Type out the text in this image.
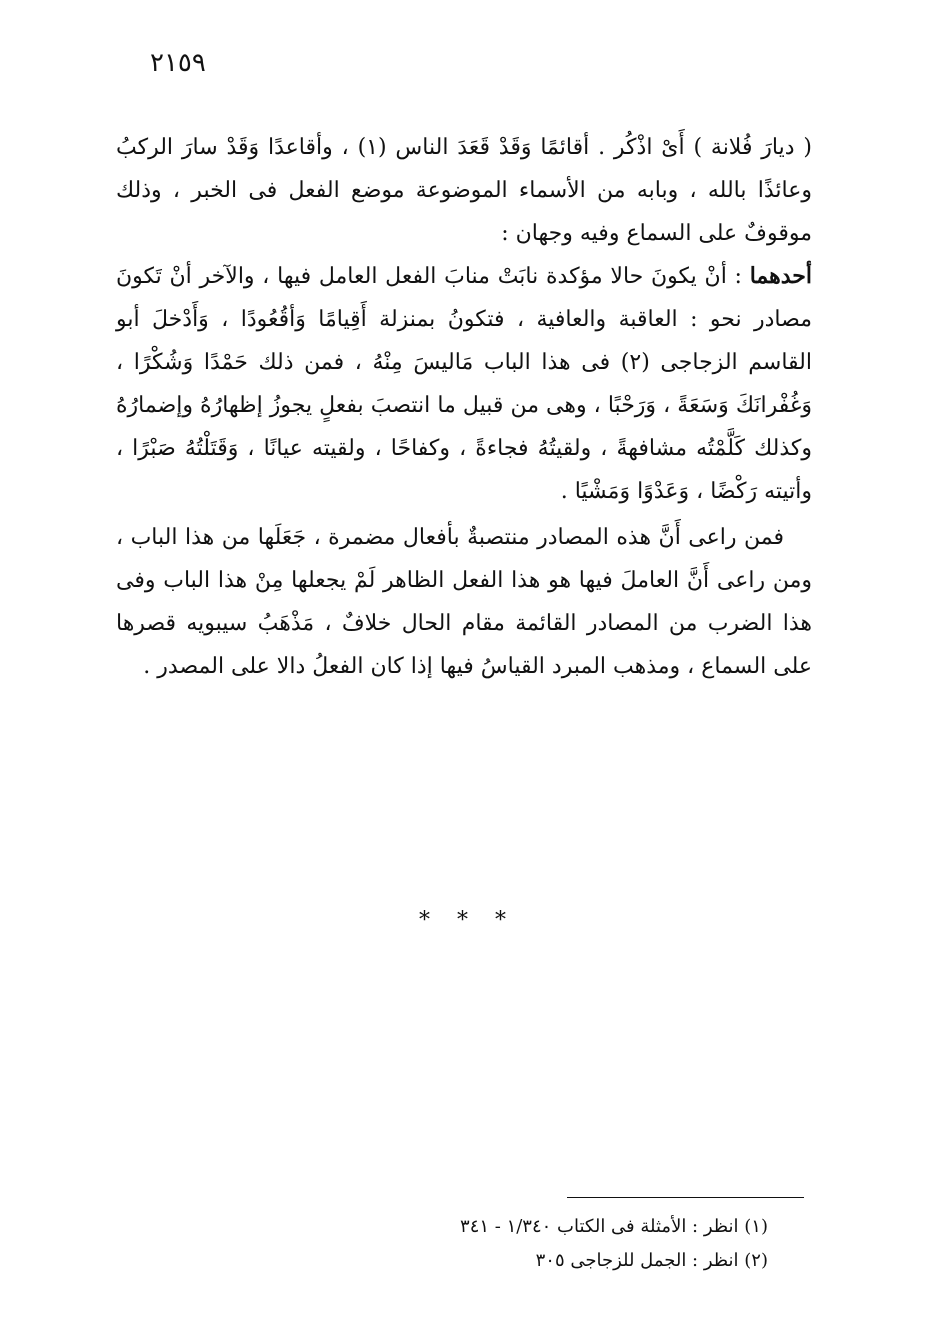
٢١٥٩

( ديارَ فُلانة ) أَىْ اذْكُر . أقائمًا وَقَدْ قَعَدَ الناس (١) ، وأقاعدًا وَقَدْ سارَ الركبُ وعائذًا بالله ، وبابه من الأسماء الموضوعة موضع الفعل فى الخبر ، وذلك موقوفٌ على السماع وفيه وجهان :

أحدهما : أنْ يكونَ حالا مؤكدة نابَتْ منابَ الفعل العامل فيها ، والآخر أنْ تَكونَ مصادر نحو : العاقبة والعافية ، فتكونُ بمنزلة أَقِيامًا وَأقُعُودًا ، وَأَدْخلَ أبو القاسم الزجاجى (٢) فى هذا الباب مَاليسَ مِنْهُ ، فمن ذلك حَمْدًا وَشُكْرًا ، وَغُفْرانَكَ وَسَعَةً ، وَرَحْبًا ، وهى من قبيل ما انتصبَ بفعلٍ يجوزُ إظهارُهُ وإضمارُهُ وكذلك كَلَّمْتُه مشافهةً ، ولقيتُهُ فجاءةً ، وكفاحًا ، ولقيته عيانًا ، وَقَتَلْتُهُ صَبْرًا ، وأتيته رَكْضًا ، وَعَدْوًا وَمَشْيًا .

فمن راعى أَنَّ هذه المصادر منتصبةٌ بأفعال مضمرة ، جَعَلَها من هذا الباب ، ومن راعى أَنَّ العاملَ فيها هو هذا الفعل الظاهر لَمْ يجعلها مِنْ هذا الباب وفى هذا الضرب من المصادر القائمة مقام الحال خلافٌ ، مَذْهَبُ سيبويه قصرها على السماع ، ومذهب المبرد القياسُ فيها إذا كان الفعلُ دالا على المصدر .

* * *
(١) انظر : الأمثلة فى الكتاب ١/٣٤٠ - ٣٤١
(٢) انظر : الجمل للزجاجى ٣٠٥
